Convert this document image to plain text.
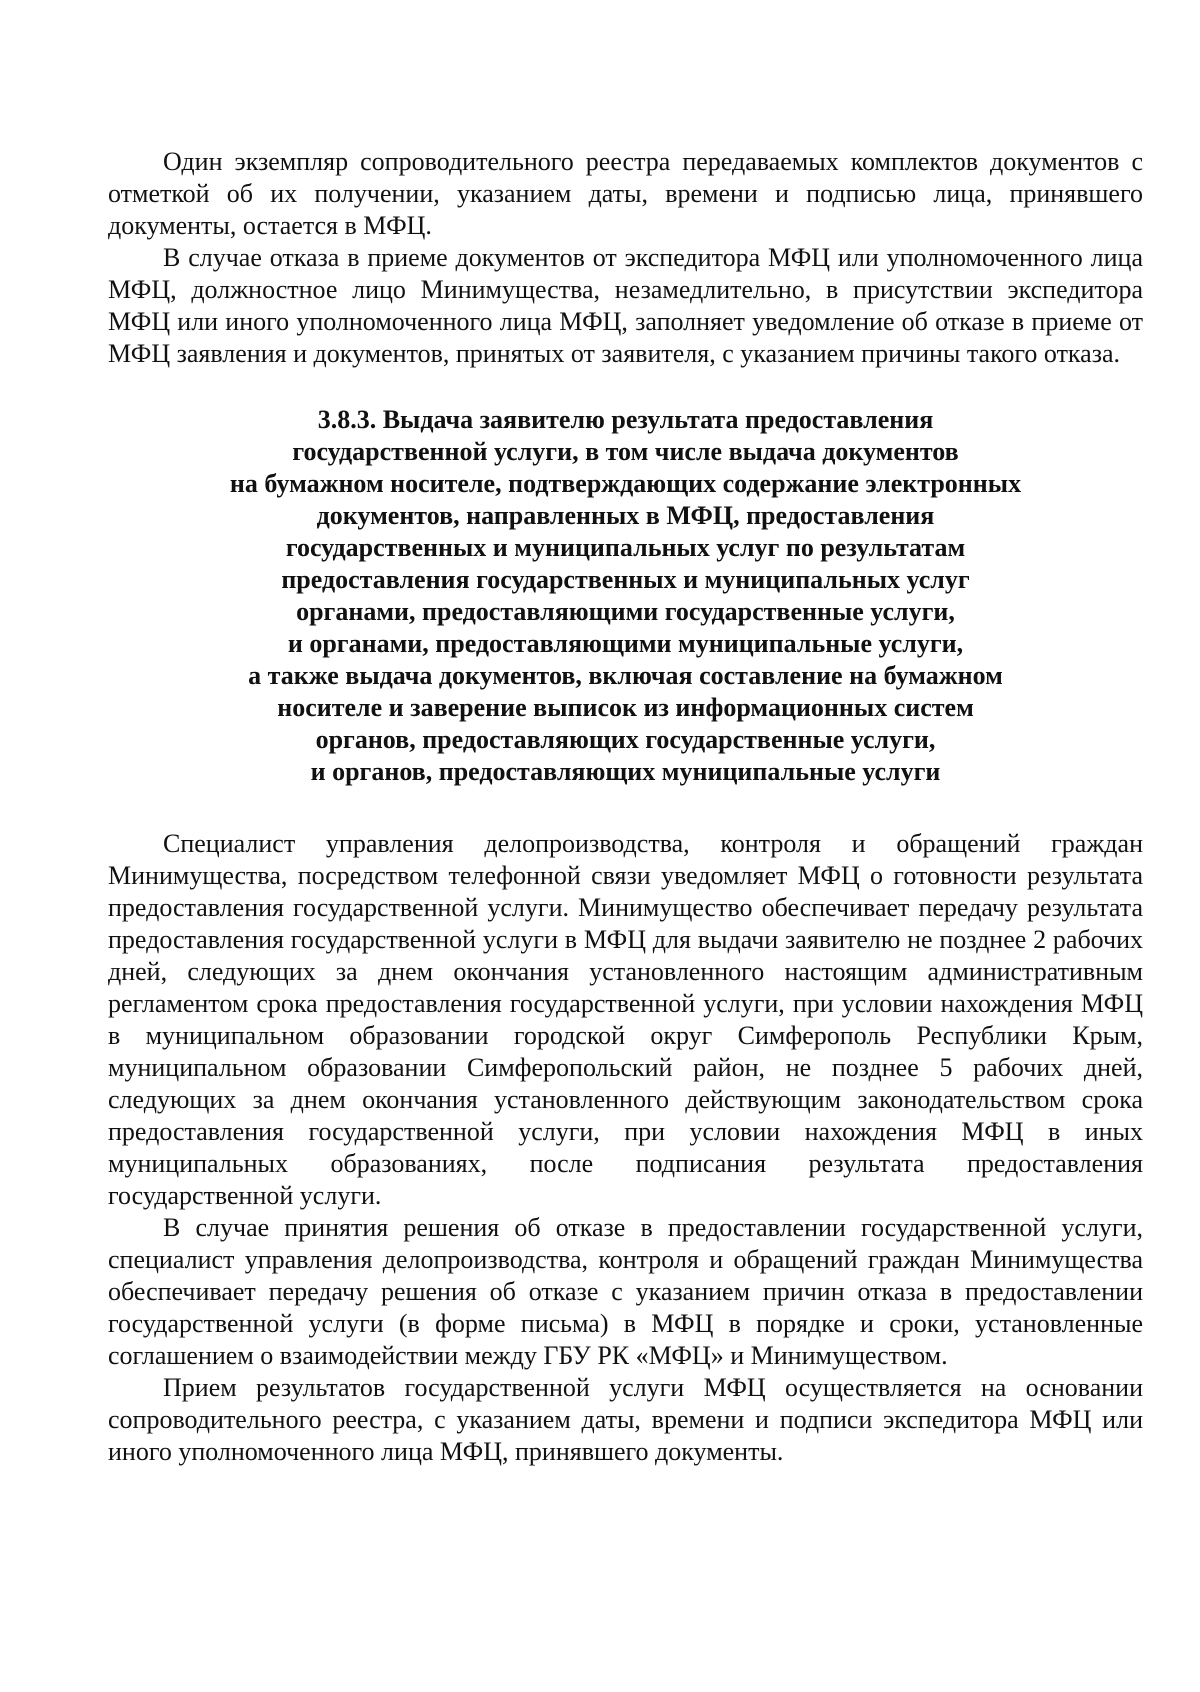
Один экземпляр сопроводительного реестра передаваемых комплектов документов с отметкой об их получении, указанием даты, времени и подписью лица, принявшего документы, остается в МФЦ.

В случае отказа в приеме документов от экспедитора МФЦ или уполномоченного лица МФЦ, должностное лицо Минимущества, незамедлительно, в присутствии экспедитора МФЦ или иного уполномоченного лица МФЦ, заполняет уведомление об отказе в приеме от МФЦ заявления и документов, принятых от заявителя, с указанием причины такого отказа.

3.8.3. Выдача заявителю результата предоставления
государственной услуги, в том числе выдача документов
на бумажном носителе, подтверждающих содержание электронных
документов, направленных в МФЦ, предоставления
государственных и муниципальных услуг по результатам
предоставления государственных и муниципальных услуг
органами, предоставляющими государственные услуги,
и органами, предоставляющими муниципальные услуги,
а также выдача документов, включая составление на бумажном
носителе и заверение выписок из информационных систем
органов, предоставляющих государственные услуги,
и органов, предоставляющих муниципальные услуги

Специалист управления делопроизводства, контроля и обращений граждан Минимущества, посредством телефонной связи уведомляет МФЦ о готовности результата предоставления государственной услуги. Минимущество обеспечивает передачу результата предоставления государственной услуги в МФЦ для выдачи заявителю не позднее 2 рабочих дней, следующих за днем окончания установленного настоящим административным регламентом срока предоставления государственной услуги, при условии нахождения МФЦ в муниципальном образовании городской округ Симферополь Республики Крым, муниципальном образовании Симферопольский район, не позднее 5 рабочих дней, следующих за днем окончания установленного действующим законодательством срока предоставления государственной услуги, при условии нахождения МФЦ в иных муниципальных образованиях, после подписания результата предоставления государственной услуги.

В случае принятия решения об отказе в предоставлении государственной услуги, специалист управления делопроизводства, контроля и обращений граждан Минимущества обеспечивает передачу решения об отказе с указанием причин отказа в предоставлении государственной услуги (в форме письма) в МФЦ в порядке и сроки, установленные соглашением о взаимодействии между ГБУ РК «МФЦ» и Минимуществом.

Прием результатов государственной услуги МФЦ осуществляется на основании сопроводительного реестра, с указанием даты, времени и подписи экспедитора МФЦ или иного уполномоченного лица МФЦ, принявшего документы.
